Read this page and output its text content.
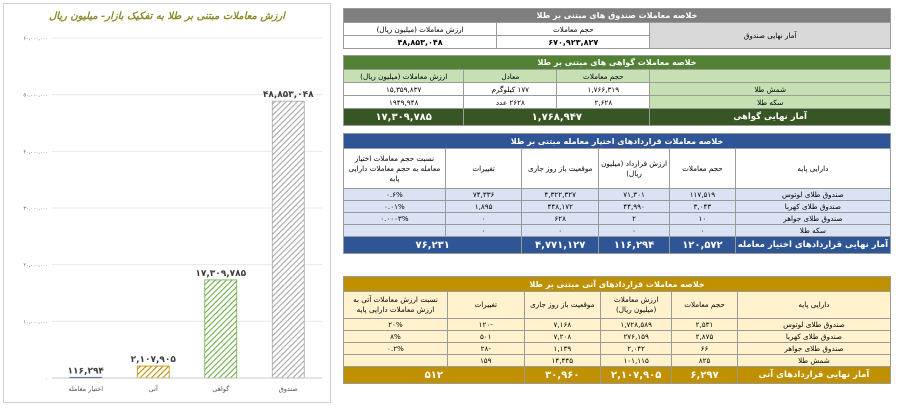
۰
۱۰,۰۰۰,۰۰۰
۲۰,۰۰۰,۰۰۰
۳۰,۰۰۰,۰۰۰
۴۰,۰۰۰,۰۰۰
۵۰,۰۰۰,۰۰۰
۶۰,۰۰۰,۰۰۰
۱۱۶,۲۹۴
اختیار معامله
۲,۱۰۷,۹۰۵
آتی
۱۷,۳۰۹,۷۸۵
گواهی
۴۸,۸۵۳,۰۴۸
صندوق
ارزش معاملات مبتنی بر طلا به تفکیک بازار- میلیون ریال	خلاصه معاملات صندوق های مبتنی بر طلا		
آمار نهایی صندوق	حجم معاملات	ارزش معاملات (میلیون ریال)
	۶۷۰,۹۲۳,۸۲۷	۴۸,۸۵۳,۰۴۸
خلاصه معاملات گواهی های مبتنی بر طلا			
	حجم معاملات	معادل	ارزش معاملات (میلیون ریال)
شمش طلا	۱,۷۶۶,۳۱۹	۱۷۷ کیلوگرم	۱۵,۳۵۹,۸۳۷
سکه طلا	۲,۶۲۸	۲۶۲۸ عدد	۱۹۴۹,۹۴۸
آمار نهایی گواهی	۱,۷۶۸,۹۴۷		۱۷,۳۰۹,۷۸۵
خلاصه معاملات قراردادهای اختیار معامله مبتنی بر طلا					
دارایی پایه	حجم معاملات	ارزش قرارداد (میلیون ریال)	موقعیت باز روز جاری	تغییرات	نسبت حجم معاملات اختیار معامله به حجم معاملات دارایی پایه
صندوق طلای لوتوس	۱۱۷,۵۱۹	۷۱,۳۰۱	۴,۳۲۲,۳۲۷	۷۴,۳۳۶	۰.۶%
صندوق طلای کهربا	۳,۰۴۳	۴۴,۹۹۰	۴۴۸,۱۷۲	۱,۸۹۵	۰.۰۱%
صندوق طلای جواهر	۱۰	۲	۶۲۸	۰	۰.۰۰۰۳%
سکه طلا	۰	۰	۰	۰	
آمار نهایی قراردادهای اختیار معامله	۱۲۰,۵۷۲	۱۱۶,۲۹۴	۴,۷۷۱,۱۲۷	۷۶,۲۳۱	
خلاصه معاملات قراردادهای آتی مبتنی بر طلا					
دارایی پایه	حجم معاملات	ارزش معاملات (میلیون ریال)	موقعیت باز روز جاری	تغییرات	نسبت ارزش معاملات آتی به ارزش معاملات دارایی پایه
صندوق طلای لوتوس	۲,۵۳۱	۱,۷۲۸,۵۸۹	۷,۱۶۸	-۱۲۰	۲۰%
صندوق طلای کهربا	۲,۸۷۵	۲۷۶,۱۵۹	۷,۲۰۸	۵۰۱	۸%
صندوق طلای جواهر	۶۶	۲,۰۴۲	۱,۱۳۹	-۲۸	۰.۲%
شمش طلا	۸۲۵	۱۰۱,۱۱۵	۱۴,۴۴۵	۱۵۹	
آمار نهایی قراردادهای آتی	۶,۲۹۷	۲,۱۰۷,۹۰۵	۳۰,۹۶۰	۵۱۲	
